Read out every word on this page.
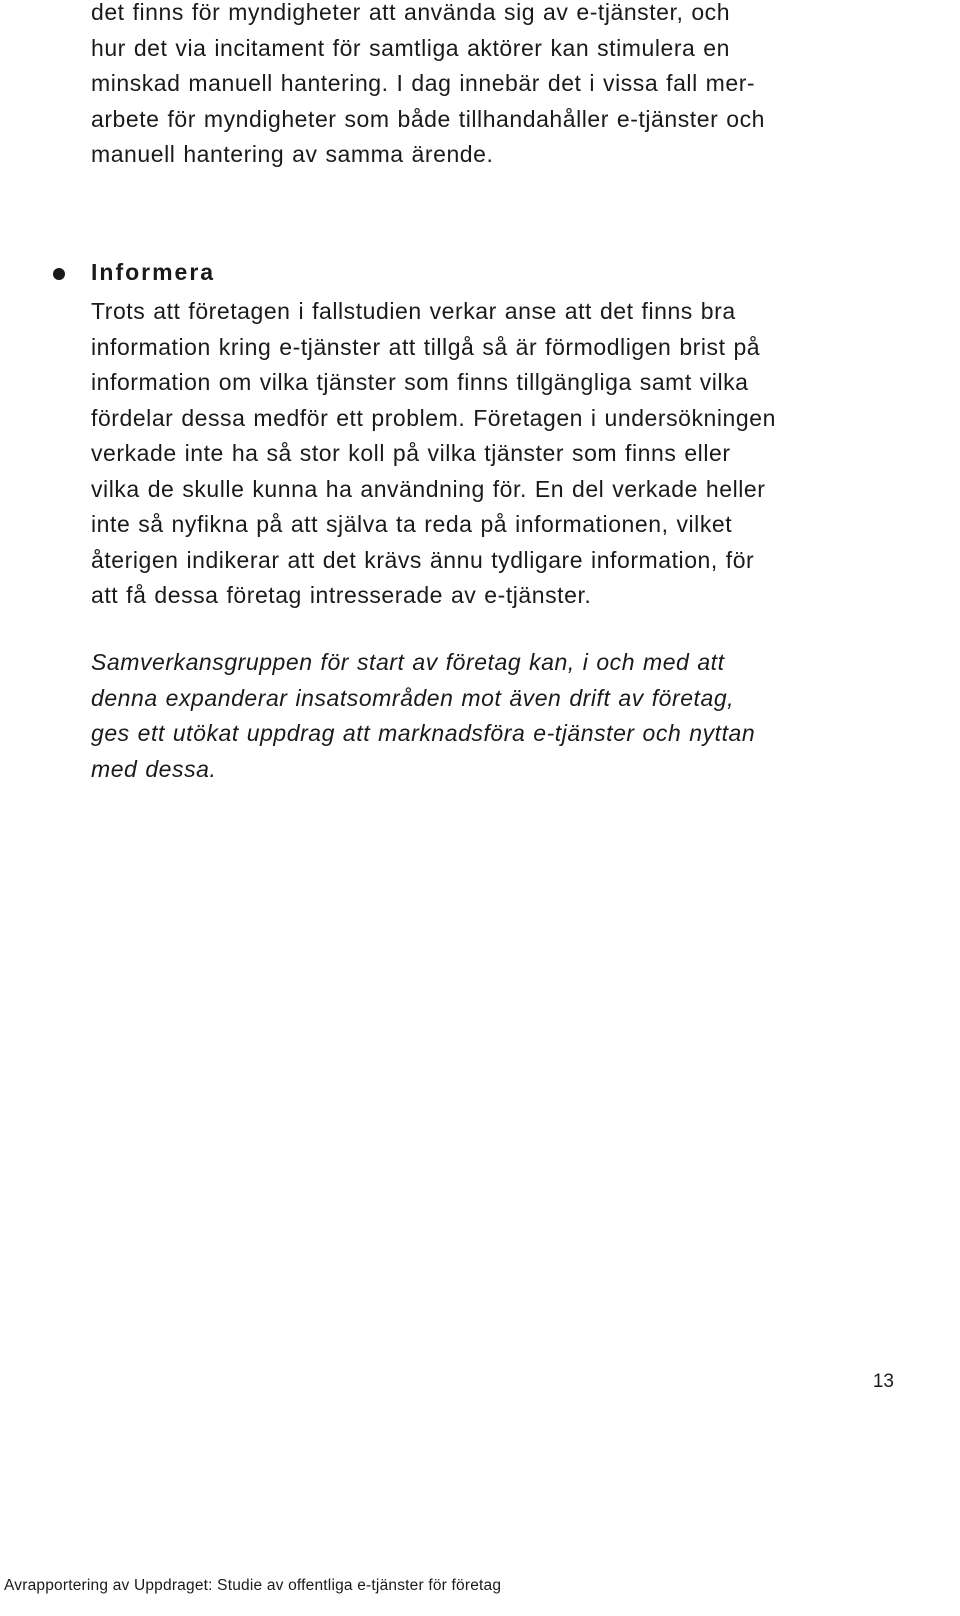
det finns för myndigheter att använda sig av e-tjänster, och
hur det via incitament för samtliga aktörer kan stimulera en
minskad manuell hantering. I dag innebär det i vissa fall mer-
arbete för myndigheter som både tillhandahåller e-tjänster och
manuell hantering av samma ärende.
Informera
Trots att företagen i fallstudien verkar anse att det finns bra
information kring e-tjänster att tillgå så är förmodligen brist på
information om vilka tjänster som finns tillgängliga samt vilka
fördelar dessa medför ett problem. Företagen i undersökningen
verkade inte ha så stor koll på vilka tjänster som finns eller
vilka de skulle kunna ha användning för. En del verkade heller
inte så nyfikna på att själva ta reda på informationen, vilket
återigen indikerar att det krävs ännu tydligare information, för
att få dessa företag intresserade av e-tjänster.
Samverkansgruppen för start av företag kan, i och med att
denna expanderar insatsområden mot även drift av företag,
ges ett utökat uppdrag att marknadsföra e-tjänster och nyttan
med dessa.
13
Avrapportering av Uppdraget: Studie av offentliga e-tjänster för företag
